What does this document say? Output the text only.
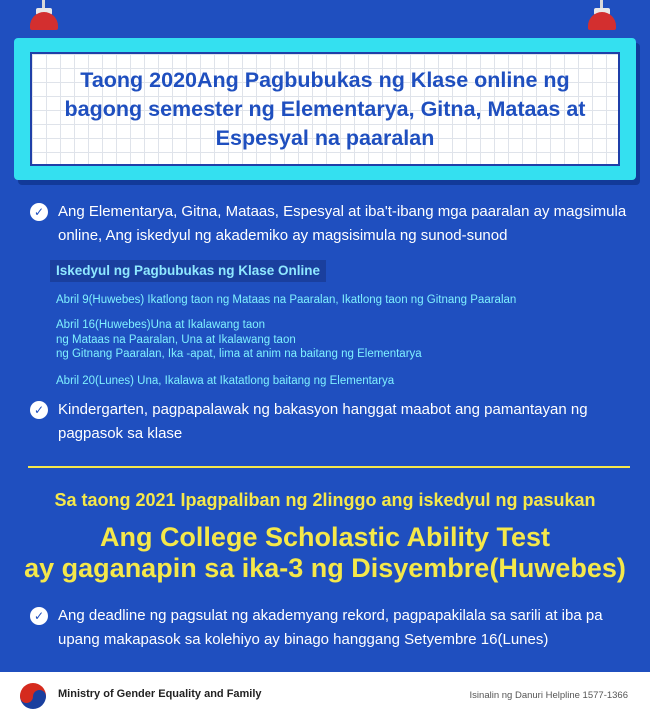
Taong 2020Ang Pagbubukas ng Klase online ng bagong semester ng Elementarya, Gitna, Mataas at Espesyal na paaralan
✓ Ang Elementarya, Gitna, Mataas, Espesyal at iba't-ibang mga paaralan ay magsimula online, Ang iskedyul ng akademiko ay magsisimula ng sunod-sunod

Iskedyul ng Pagbubukas ng Klase Online
Abril 9(Huwebes) Ikatlong taon ng Mataas na Paaralan, Ikatlong taon ng Gitnang Paaralan
Abril 16(Huwebes)Una at Ikalawang taon
ng Mataas na Paaralan, Una at Ikalawang taon
ng Gitnang Paaralan, Ika -apat, lima at anim na baitang ng Elementarya
Abril 20(Lunes) Una, Ikalawa at Ikatatlong baitang ng Elementarya
✓ Kindergarten, pagpapalawak ng bakasyon hanggat maabot ang pamantayan ng pagpasok sa klase

Sa taong 2021 Ipagpaliban ng 2linggo ang iskedyul ng pasukan
Ang College Scholastic Ability Test
ay gaganapin sa ika-3 ng Disyembre(Huwebes)
✓ Ang deadline ng pagsulat ng akademyang rekord, pagpapakilala sa sarili at iba pa upang makapasok sa kolehiyo ay binago hanggang Setyembre 16(Lunes)

Ministry of Gender Equality and Family	Isinalin ng Danuri Helpline 1577-1366
